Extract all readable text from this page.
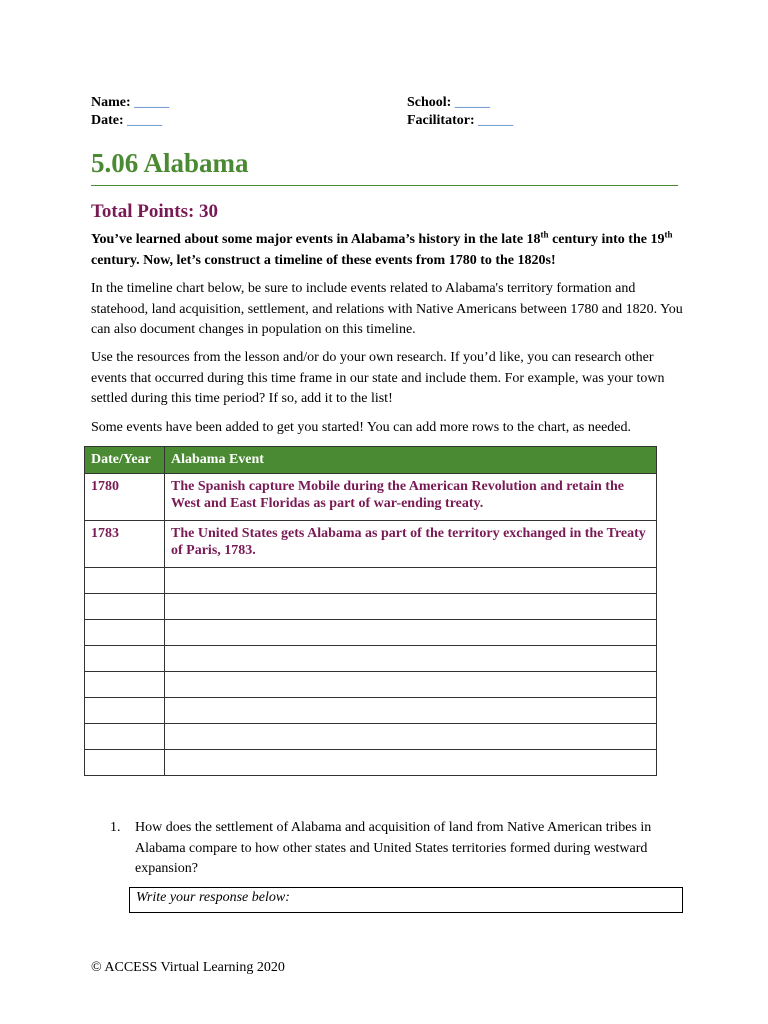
Name: _____
Date: _____
School: _____
Facilitator: _____
5.06 Alabama
Total Points: 30

You’ve learned about some major events in Alabama’s history in the late 18th century into the 19th century. Now, let’s construct a timeline of these events from 1780 to the 1820s!

In the timeline chart below, be sure to include events related to Alabama's territory formation and statehood, land acquisition, settlement, and relations with Native Americans between 1780 and 1820. You can also document changes in population on this timeline.

Use the resources from the lesson and/or do your own research. If you’d like, you can research other events that occurred during this time frame in our state and include them. For example, was your town settled during this time period? If so, add it to the list!

Some events have been added to get you started! You can add more rows to the chart, as needed.

Date/Year	Alabama Event
1780	The Spanish capture Mobile during the American Revolution and retain the West and East Floridas as part of war-ending treaty.
1783	The United States gets Alabama as part of the territory exchanged in the Treaty of Paris, 1783.

1. How does the settlement of Alabama and acquisition of land from Native American tribes in Alabama compare to how other states and United States territories formed during westward expansion?
Write your response below:
© ACCESS Virtual Learning 2020
